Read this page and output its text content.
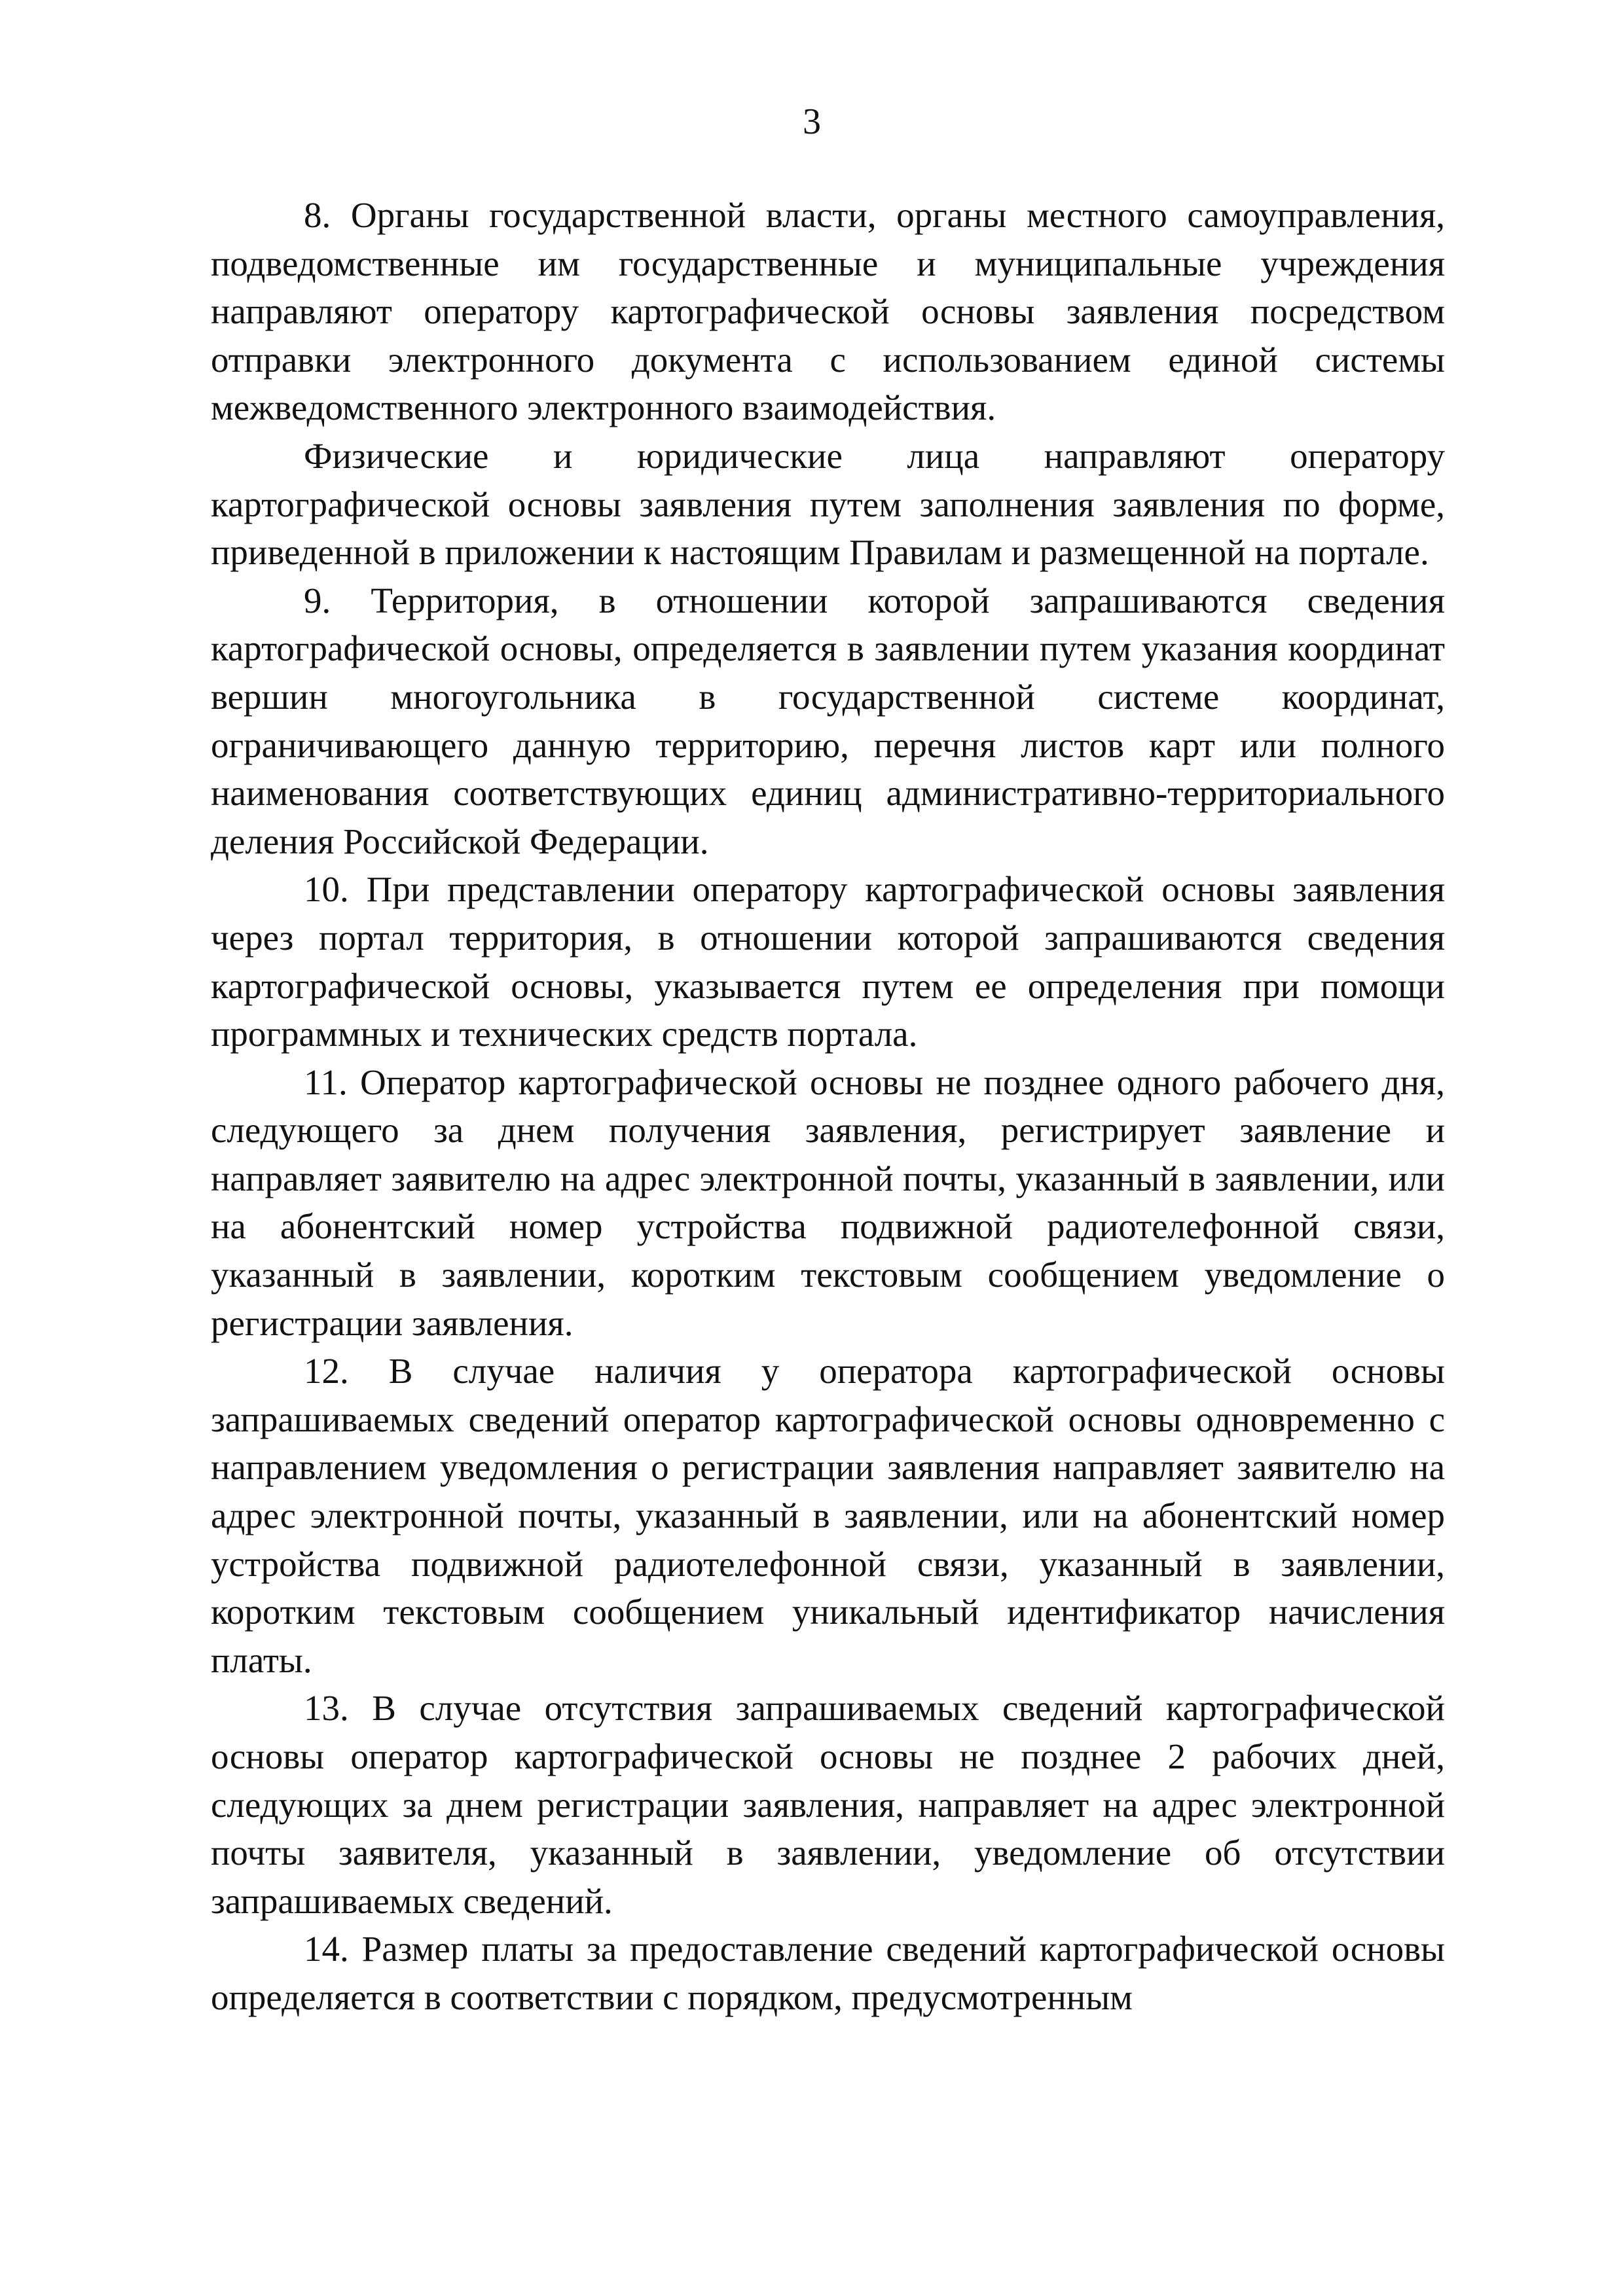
3

8. Органы государственной власти, органы местного самоуправления, подведомственные им государственные и муниципальные учреждения направляют оператору картографической основы заявления посредством отправки электронного документа с использованием единой системы межведомственного электронного взаимодействия.

Физические и юридические лица направляют оператору картографической основы заявления путем заполнения заявления по форме, приведенной в приложении к настоящим Правилам и размещенной на портале.

9. Территория, в отношении которой запрашиваются сведения картографической основы, определяется в заявлении путем указания координат вершин многоугольника в государственной системе координат, ограничивающего данную территорию, перечня листов карт или полного наименования соответствующих единиц административно-территориального деления Российской Федерации.

10. При представлении оператору картографической основы заявления через портал территория, в отношении которой запрашиваются сведения картографической основы, указывается путем ее определения при помощи программных и технических средств портала.

11. Оператор картографической основы не позднее одного рабочего дня, следующего за днем получения заявления, регистрирует заявление и направляет заявителю на адрес электронной почты, указанный в заявлении, или на абонентский номер устройства подвижной радиотелефонной связи, указанный в заявлении, коротким текстовым сообщением уведомление о регистрации заявления.

12. В случае наличия у оператора картографической основы запрашиваемых сведений оператор картографической основы одновременно с направлением уведомления о регистрации заявления направляет заявителю на адрес электронной почты, указанный в заявлении, или на абонентский номер устройства подвижной радиотелефонной связи, указанный в заявлении, коротким текстовым сообщением уникальный идентификатор начисления платы.

13. В случае отсутствия запрашиваемых сведений картографической основы оператор картографической основы не позднее 2 рабочих дней, следующих за днем регистрации заявления, направляет на адрес электронной почты заявителя, указанный в заявлении, уведомление об отсутствии запрашиваемых сведений.

14. Размер платы за предоставление сведений картографической основы определяется в соответствии с порядком, предусмотренным
